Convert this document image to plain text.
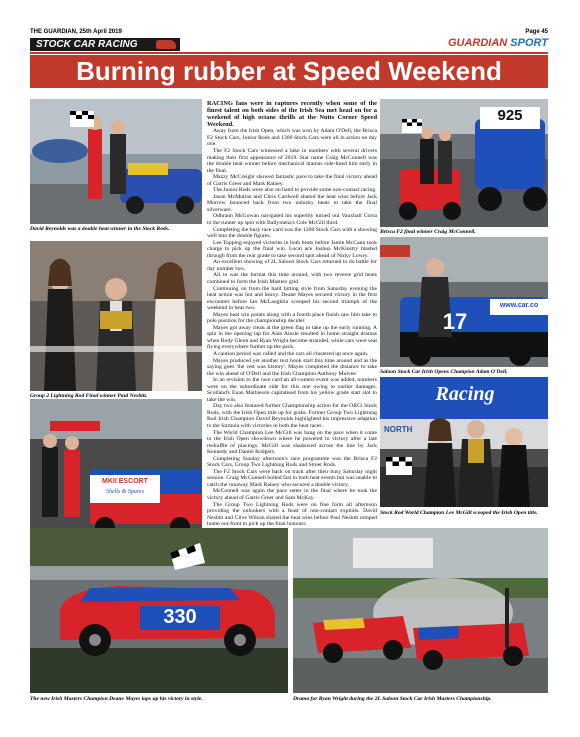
THE GUARDIAN, 25th April 2019	Page 45
STOCK CAR RACING	GUARDIAN SPORT
Burning rubber at Speed Weekend
David Reynolds was a double heat winner in the Stock Rods.
Group 2 Lightning Rod Final winner Paul Nesbitt.
MKII ESCORT
Shells & Spares

RACING fans were in raptures recently when some of the finest talent on both sides of the Irish Sea met head on for a weekend of high octane thrills at the Nutts Corner Speed Weekend.

Away from the Irish Open, which was won by Adam O'Dell, the Brisca F2 Stock Cars, Junior Rods and 1300 Stock Cars were all in action on day one.

The F2 Stock Cars witnessed a hike in numbers with several drivers making their first appearance of 2019. Star name Craig McConnell was the double heat winner before mechanical dramas side-lined him early in the final.

Mazzy McCreight showed fantastic pace to take the final victory ahead of Garris Greer and Mark Rainey.

The Junior Rods were also on hand to provide some non-contact racing.

Jason McMullan and Chris Cardwell shared the heat wins before Jack Morrow bounced back from two unlucky heats to take the final silverware.

Odhrann McGowan navigated his superbly turned out Vauxhall Corsa to the runner up spot with Ballymena's Cole McGill third.

Completing the busy race card was the 1300 Stock Cars with a showing well into the double figures.

Lee Topping enjoyed victories in both heats before Jamie McCann took charge to pick up the final win. Local ace Joshua McKinstry blasted through from the rear grade to take second spot ahead of Nicky Lowry.

An excellent showing of 2L Saloon Stock Cars returned to do battle for day number two.

All in was the format this time around, with two reverse grid heats combined to form the Irish Masters grid.

Continuing on from the hard hitting style from Saturday evening the heat action was hot and heavy. Deane Mayes secured victory in the first encounter before Ian McLaughlin scooped his second triumph of the weekend in heat two.

Mayes heat win points along with a fourth place finish saw him take to pole position for the championship decider.

Mayes got away clean at the green flag to take up the early running. A spin in the opening lap for Alan Ainsle resulted in home straight dramas when Rody Glenn and Ryan Wright become stranded, while cars were seat flying everywhere further up the pack.

A caution period was called and the cars all clustered up once again.

Mayes produced yet another text book start this time around and as the saying goes 'the rest was history'. Mayes completed the distance to take the win ahead of O'Dell and the Irish Champion Anthony Mulvee.

In an revision to the race card an all-comers event was added, numbers were on the subordinate side for this one owing to earlier damages. Scotland's Euan Mathieson capitalised from his yellow grade start slot to take the win.

Day two also featured further Championship action for the ORCi Stock Rods, with the Irish Open title up for grabs. Former Group Two Lightning Rod Irish Champion David Reynolds highlighted his impressive adaption to the formula with victories in both the heat races.

The World Champion Lee McGill was bang on the pace when it come to the Irish Open showdown where he powered to victory after a late reshuffle of placings. McGill was shadowed across the line by Jack Kennedy and Daniel Rodgers.

Completing Sunday afternoon's race programme was the Brisca F2 Stock Cars, Group Two Lightning Rods and Street Rods.

The F2 Stock Cars were back on track after their busy Saturday night session. Craig McConnell bolted fast in both heat events but was unable to catch the runaway Mark Rainey who secured a double victory.

McConnell was again the pace setter in the final where he took the victory ahead of Garris Greer and Sam McKay.

The Group Two Lightning Rods were on fine form all afternoon providing the onlookers with a feast of non-contact exploits. David Nesbitt and Clive Wilson shared the heat wins before Paul Nesbitt romped home out-front to pick up the final honours.

925
Brisca F2 final winner Craig McConnell.
17
www.car.co
Saloon Stock Car Irish Opens Champion Adam O'Dell.
Racing
NORTH
Stock Rod World Champion Lee McGill scooped the Irish Open title.
330
The new Irish Masters Champion Deane Mayes laps up his victory in style.	Drama for Ryan Wright during the 2L Saloon Stock Car Irish Masters Championship.
